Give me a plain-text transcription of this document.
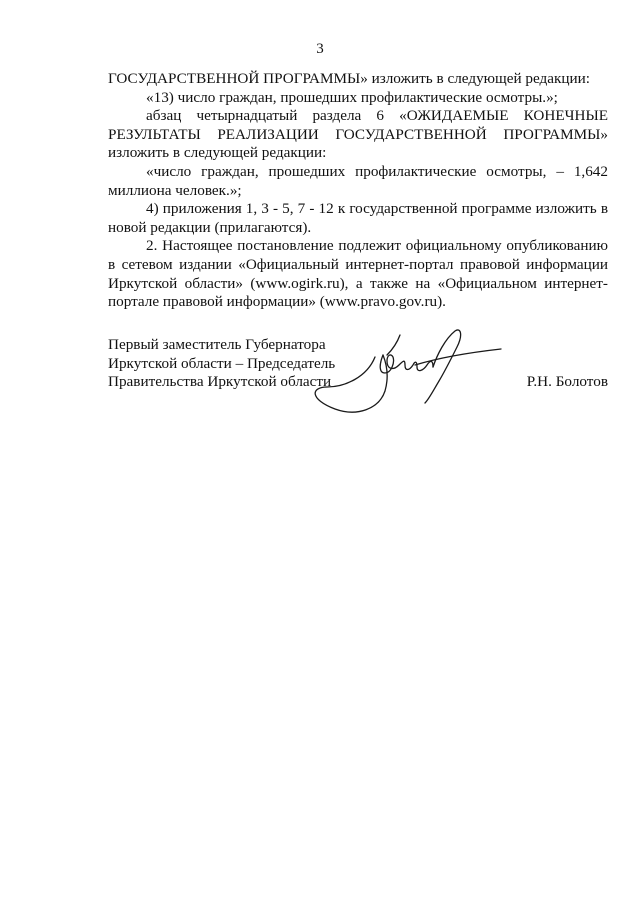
3

ГОСУДАРСТВЕННОЙ ПРОГРАММЫ» изложить в следующей редакции:

«13) число граждан, прошедших профилактические осмотры.»;

абзац четырнадцатый раздела 6 «ОЖИДАЕМЫЕ КОНЕЧНЫЕ РЕЗУЛЬТАТЫ РЕАЛИЗАЦИИ ГОСУДАРСТВЕННОЙ ПРОГРАММЫ» изложить в следующей редакции:

«число граждан, прошедших профилактические осмотры, – 1,642 миллиона человек.»;

4) приложения 1, 3 - 5, 7 - 12 к государственной программе изложить в новой редакции (прилагаются).

2. Настоящее постановление подлежит официальному опубликованию в сетевом издании «Официальный интернет-портал правовой информации Иркутской области» (www.ogirk.ru), а также на «Официальном интернет-портале правовой информации» (www.pravo.gov.ru).

Первый заместитель Губернатора
Иркутской области – Председатель
Правительства Иркутской области	Р.Н. Болотов
